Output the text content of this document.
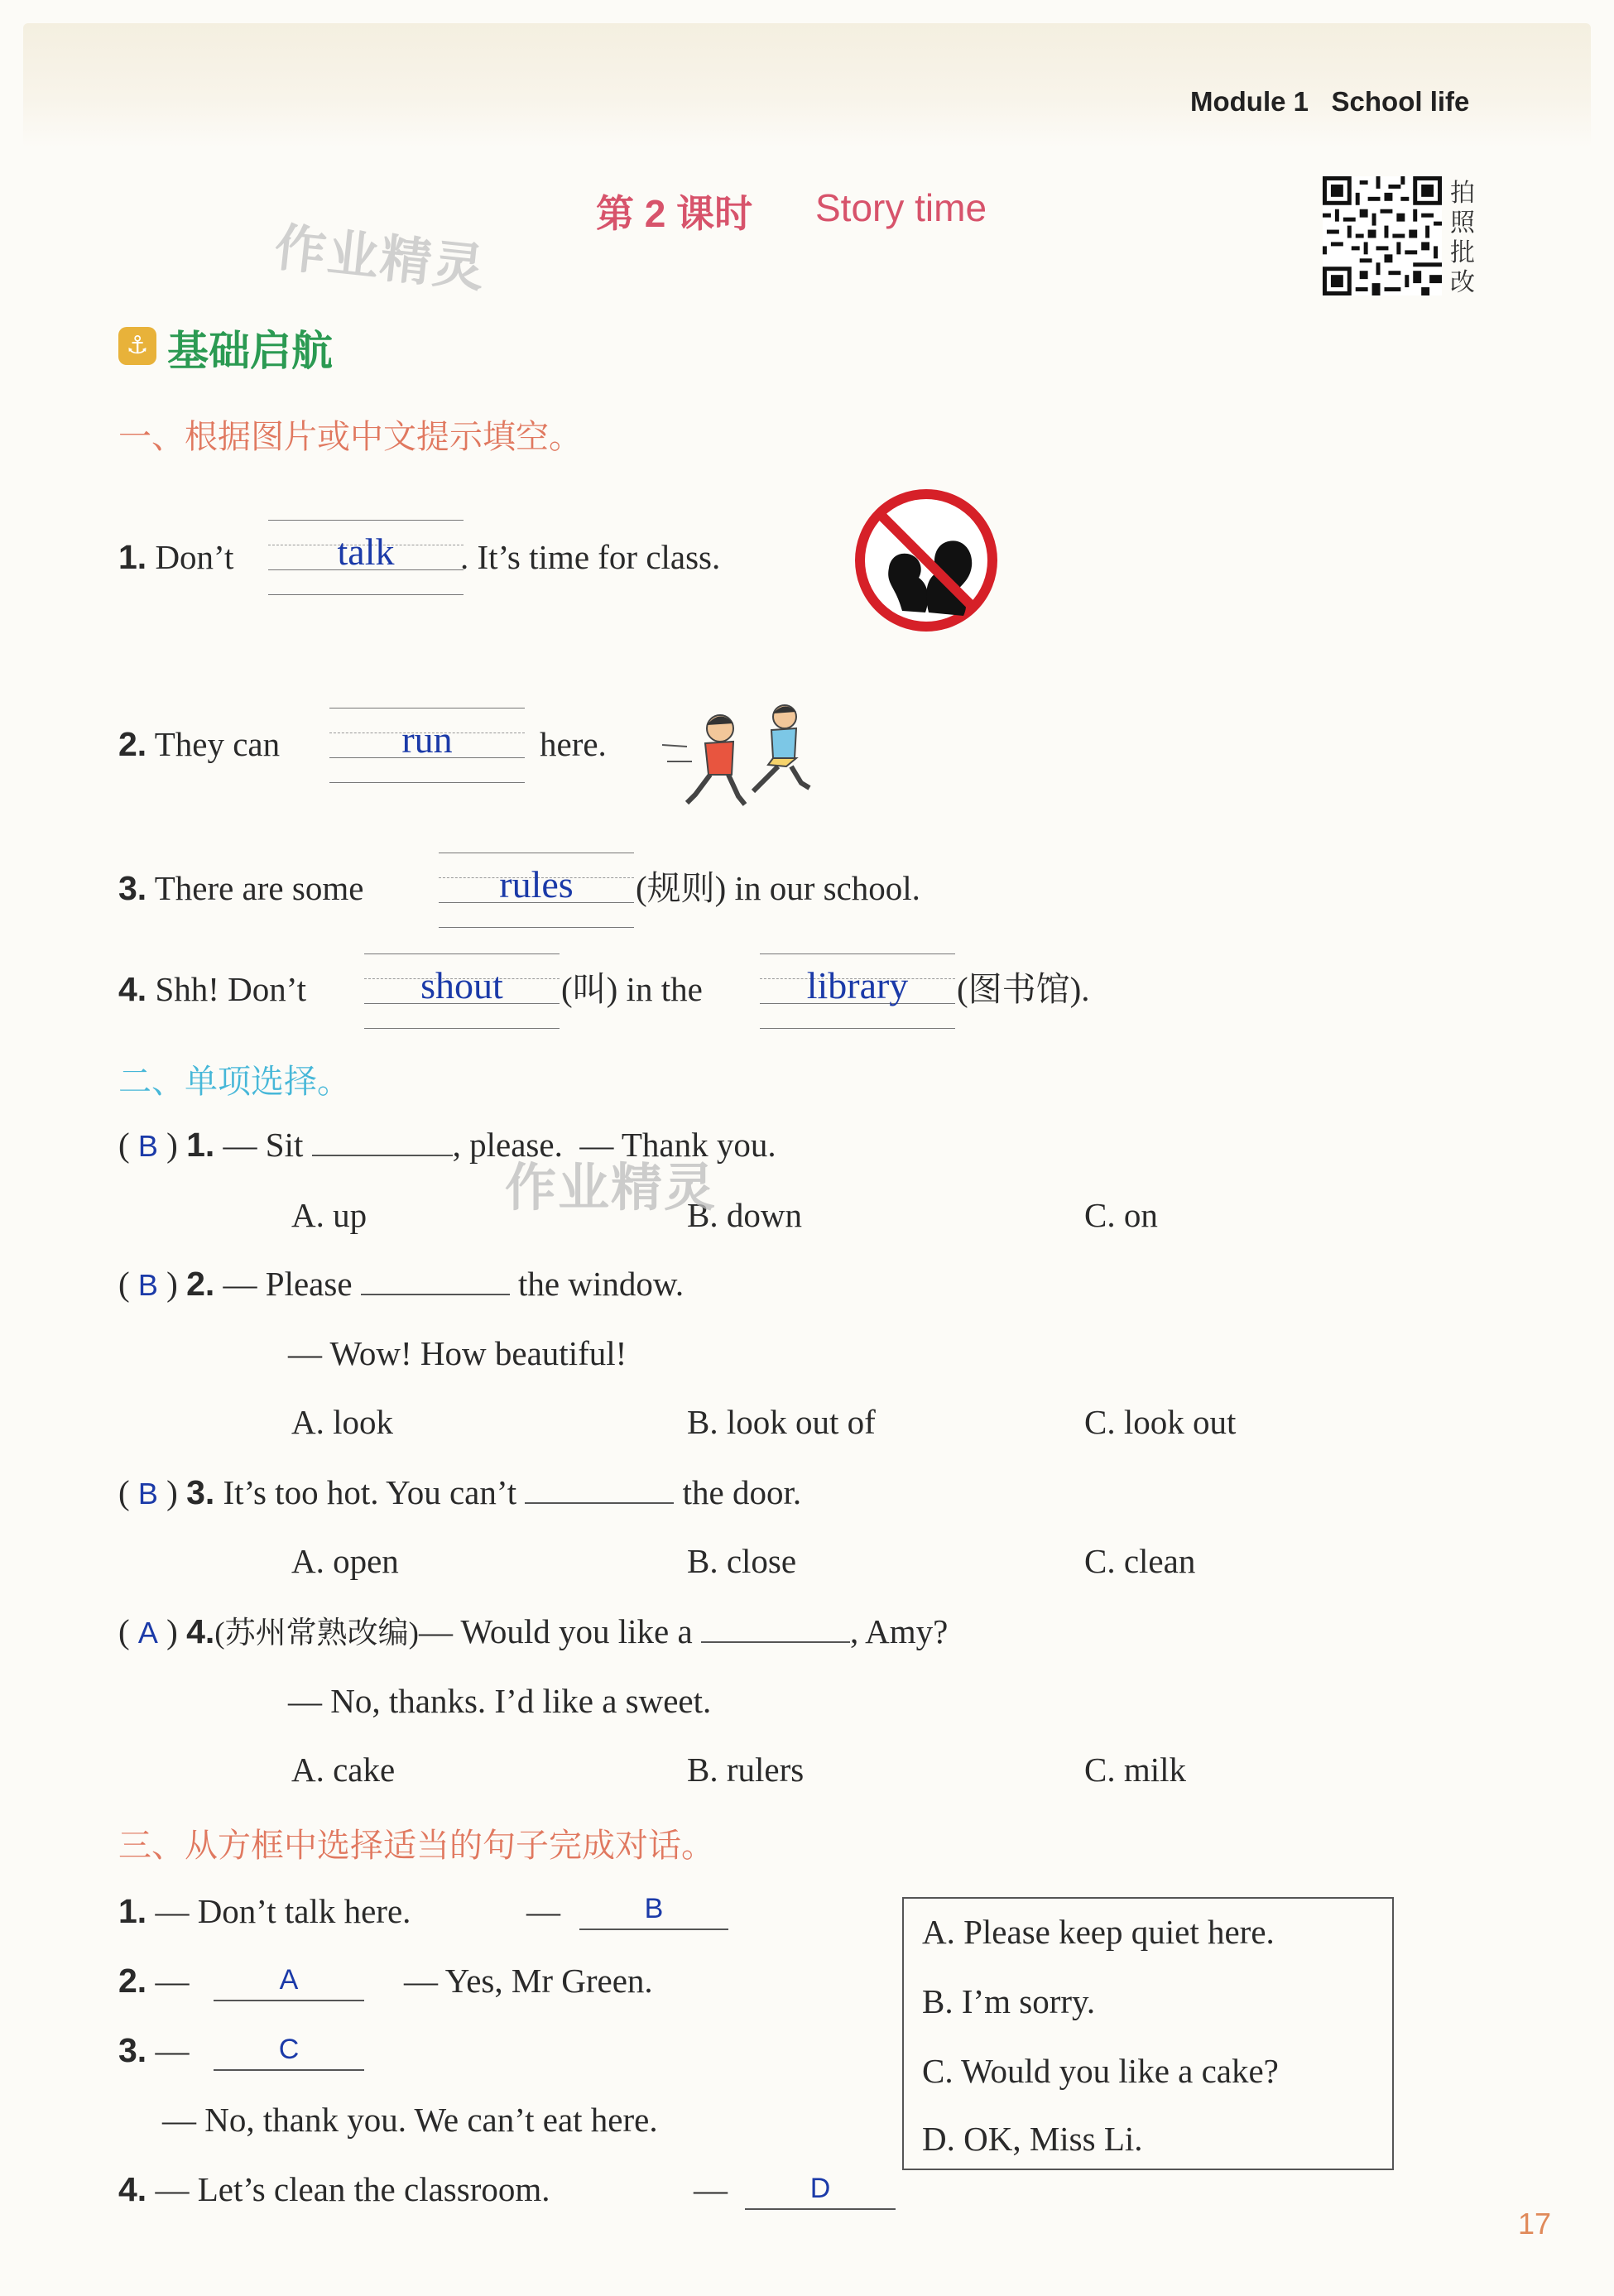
Module 1 School life
第 2 课时 Story time
作业精灵
拍
照
批
改
⚓ 基础启航
一、根据图片或中文提示填空。
1. Don’t	talk	. It’s time for class.
2. They can	run	here.
3. There are some	rules	(规则) in our school.
4. Shh! Don’t	shout	(叫) in the	library	(图书馆).
二、单项选择。
( B ) 1. — Sit	, please. — Thank you.
A. up	B. down	C. on
作业精灵
( B ) 2. — Please	the window.
— Wow! How beautiful!
A. look	B. look out of	C. look out
( B ) 3. It’s too hot. You can’t	the door.
A. open	B. close	C. clean
( A ) 4.(苏州常熟改编)— Would you like a	, Amy?
— No, thanks. I’d like a sweet.
A. cake	B. rulers	C. milk
三、从方框中选择适当的句子完成对话。
1. — Don’t talk here.	—	B
2. —	A	— Yes, Mr Green.
3. —	C
— No, thank you. We can’t eat here.
4. — Let’s clean the classroom.	—	D
A. Please keep quiet here.
B. I’m sorry.
C. Would you like a cake?
D. OK, Miss Li.
17
